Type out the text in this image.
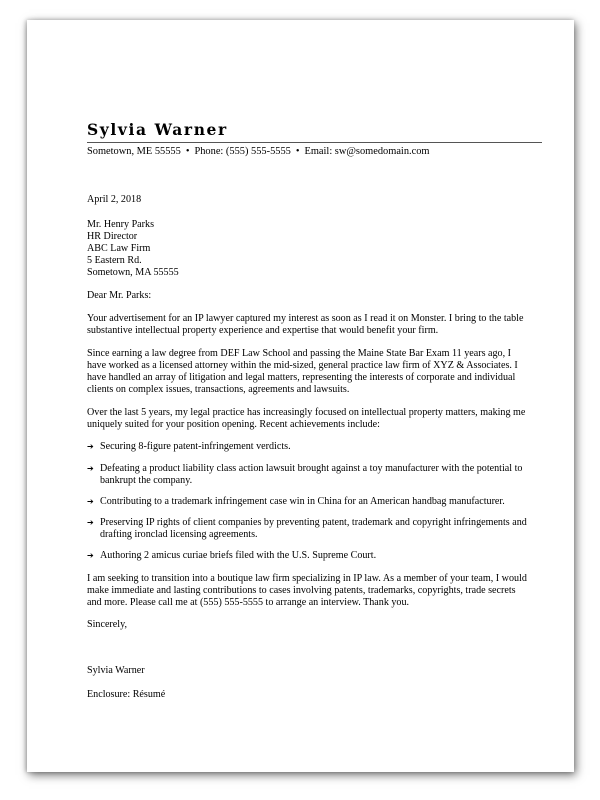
Sylvia Warner
Sometown, ME 55555 • Phone: (555) 555-5555 • Email: sw@somedomain.com

April 2, 2018

Mr. Henry Parks

HR Director

ABC Law Firm

5 Eastern Rd.

Sometown, MA 55555

Dear Mr. Parks:

Your advertisement for an IP lawyer captured my interest as soon as I read it on Monster. I bring to the table substantive intellectual property experience and expertise that would benefit your firm.

Since earning a law degree from DEF Law School and passing the Maine State Bar Exam 11 years ago, I have worked as a licensed attorney within the mid-sized, general practice law firm of XYZ & Associates. I have handled an array of litigation and legal matters, representing the interests of corporate and individual clients on complex issues, transactions, agreements and lawsuits.

Over the last 5 years, my legal practice has increasingly focused on intellectual property matters, making me uniquely suited for your position opening. Recent achievements include:

➔ Securing 8-figure patent-infringement verdicts.
➔ Defeating a product liability class action lawsuit brought against a toy manufacturer with the potential to bankrupt the company.
➔ Contributing to a trademark infringement case win in China for an American handbag manufacturer.
➔ Preserving IP rights of client companies by preventing patent, trademark and copyright infringements and drafting ironclad licensing agreements.
➔ Authoring 2 amicus curiae briefs filed with the U.S. Supreme Court.

I am seeking to transition into a boutique law firm specializing in IP law. As a member of your team, I would make immediate and lasting contributions to cases involving patents, trademarks, copyrights, trade secrets and more. Please call me at (555) 555-5555 to arrange an interview. Thank you.

Sincerely,

Sylvia Warner

Enclosure: Résumé
